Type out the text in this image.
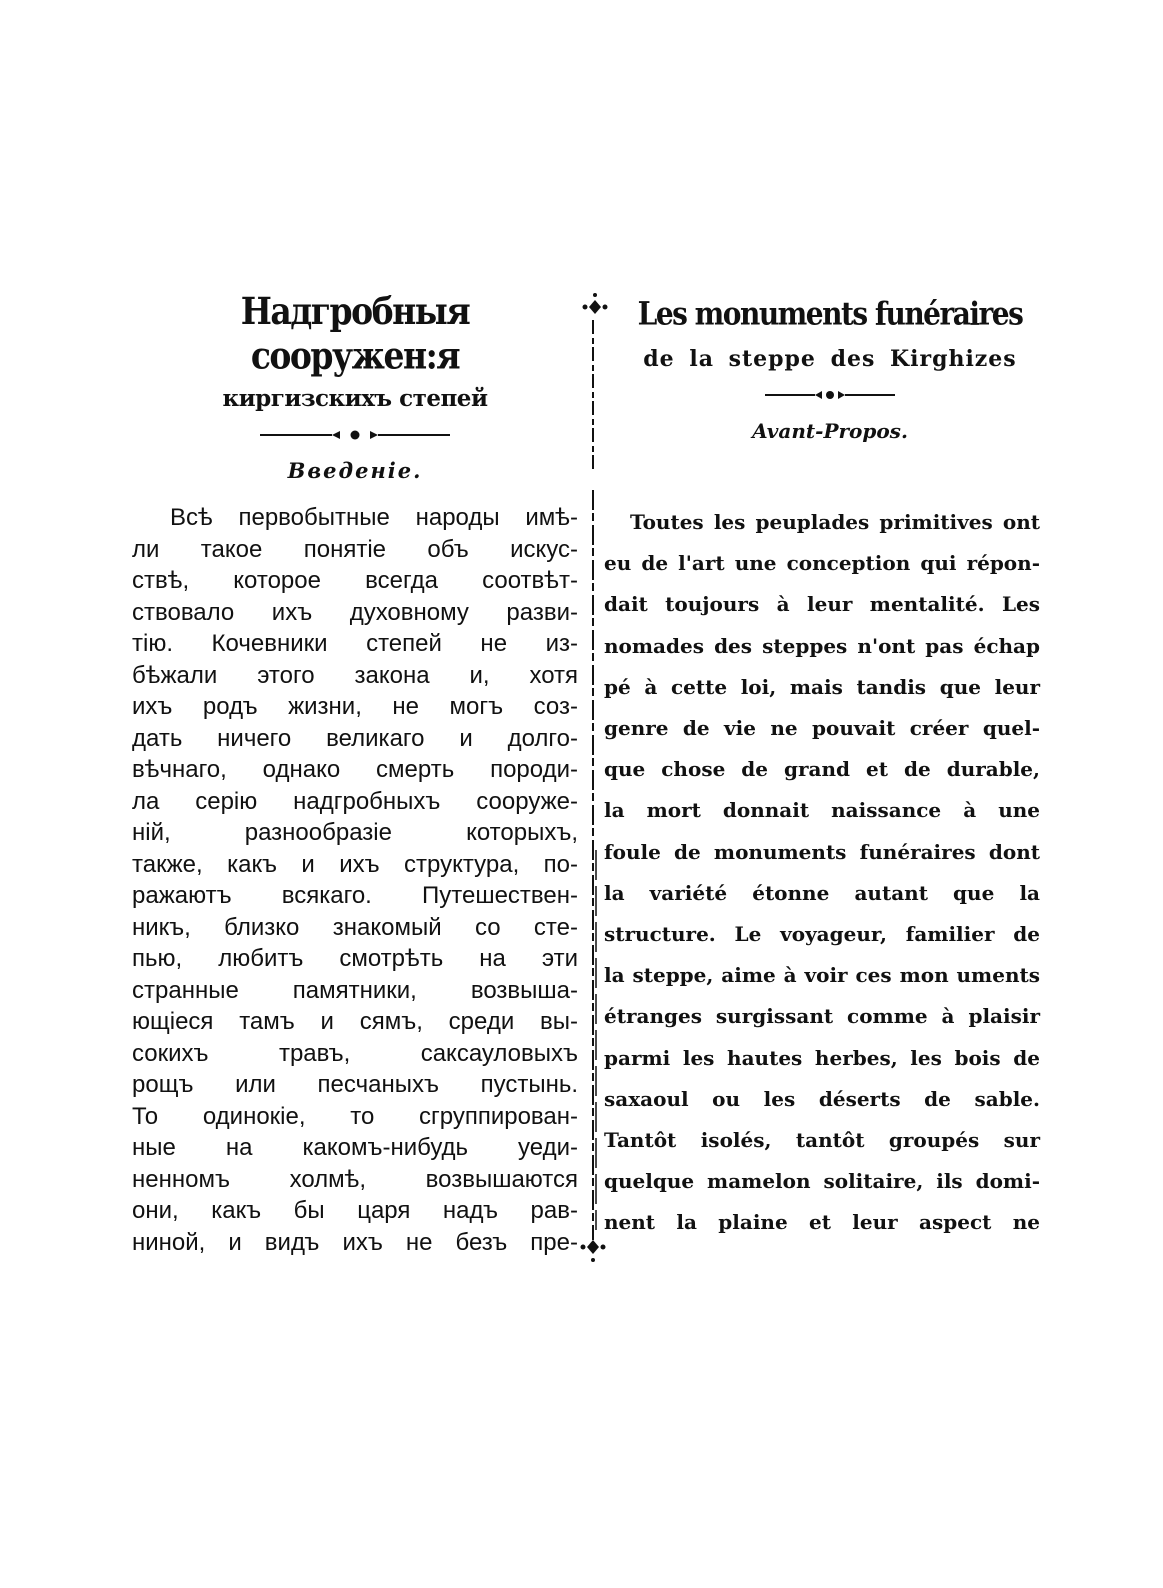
Надгробныя сооружен:я
киргизскихъ степей
Введеніе.
Всѣ первобытные народы имѣ-
ли такое понятіе объ искус-
ствѣ, которое всегда соотвѣт-
ствовало ихъ духовному разви-
тію. Кочевники степей не из-
бѣжали этого закона и, хотя
ихъ родъ жизни, не могъ соз-
дать ничего великаго и долго-
вѣчнаго, однако смерть породи-
ла серію надгробныхъ сооруже-
ній, разнообразіе которыхъ,
также, какъ и ихъ структура, по-
ражаютъ всякаго. Путешествен-
никъ, близко знакомый со сте-
пью, любитъ смотрѣть на эти
странные памятники, возвыша-
ющіеся тамъ и сямъ, среди вы-
сокихъ травъ, саксауловыхъ
рощъ или песчаныхъ пустынь.
То одинокіе, то сгруппирован-
ные на какомъ-нибудь уеди-
ненномъ холмѣ, возвышаются
они, какъ бы царя надъ рав-
ниной, и видъ ихъ не безъ пре-
Les monuments funéraires
de la steppe des Kirghizes
Avant-Propos.
Toutes les peuplades primitives ont
eu de l'art une conception qui répon-
dait toujours à leur mentalité. Les
nomades des steppes n'ont pas échap
pé à cette loi, mais tandis que leur
genre de vie ne pouvait créer quel-
que chose de grand et de durable,
la mort donnait naissance à une
foule de monuments funéraires dont
la variété étonne autant que la
structure. Le voyageur, familier de
la steppe, aime à voir ces mon uments
étranges surgissant comme à plaisir
parmi les hautes herbes, les bois de
saxaoul ou les déserts de sable.
Tantôt isolés, tantôt groupés sur
quelque mamelon solitaire, ils domi-
nent la plaine et leur aspect ne
